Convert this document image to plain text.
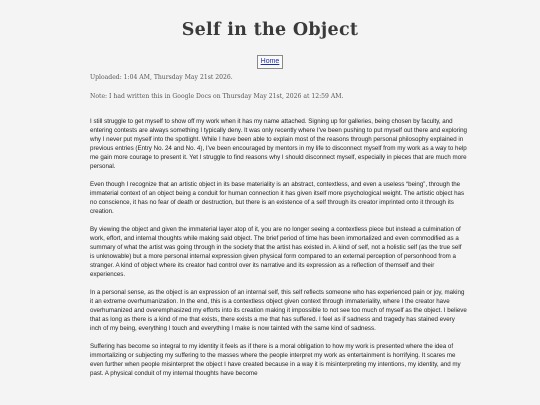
Self in the Object
Home
Uploaded: 1:04 AM, Thursday May 21st 2026.
Note: I had written this in Google Docs on Thursday May 21st, 2026 at 12:59 AM.

I still struggle to get myself to show off my work when it has my name attached. Signing up for galleries, being chosen by faculty, and entering contests are always something I typically deny. It was only recently where I've been pushing to put myself out there and exploring why I never put myself into the spotlight. While I have been able to explain most of the reasons through personal philosophy explained in previous entries (Entry No. 24 and No. 4), I've been encouraged by mentors in my life to disconnect myself from my work as a way to help me gain more courage to present it. Yet I struggle to find reasons why I should disconnect myself, especially in pieces that are much more personal.

Even though I recognize that an artistic object in its base materiality is an abstract, contextless, and even a useless “being”, through the immaterial context of an object being a conduit for human connection it has given itself more psychological weight. The artistic object has no conscience, it has no fear of death or destruction, but there is an existence of a self through its creator imprinted onto it through its creation.

By viewing the object and given the immaterial layer atop of it, you are no longer seeing a contextless piece but instead a culmination of work, effort, and internal thoughts while making said object. The brief period of time has been immortalized and even commodified as a summary of what the artist was going through in the society that the artist has existed in. A kind of self, not a holistic self (as the true self is unknowable) but a more personal internal expression given physical form compared to an external perception of personhood from a stranger. A kind of object where its creator had control over its narrative and its expression as a reflection of themself and their experiences.

In a personal sense, as the object is an expression of an internal self, this self reflects someone who has experienced pain or joy, making it an extreme overhumanization. In the end, this is a contextless object given context through immateriality, where I the creator have overhumanized and overemphasized my efforts into its creation making it impossible to not see too much of myself as the object. I believe that as long as there is a kind of me that exists, there exists a me that has suffered. I feel as if sadness and tragedy has stained every inch of my being, everything I touch and everything I make is now tainted with the same kind of sadness.

Suffering has become so integral to my identity it feels as if there is a moral obligation to how my work is presented where the idea of immortalizing or subjecting my suffering to the masses where the people interpret my work as entertainment is horrifying. It scares me even further when people misinterpret the object I have created because in a way it is misinterpreting my intentions, my identity, and my past. A physical conduit of my internal thoughts have become
